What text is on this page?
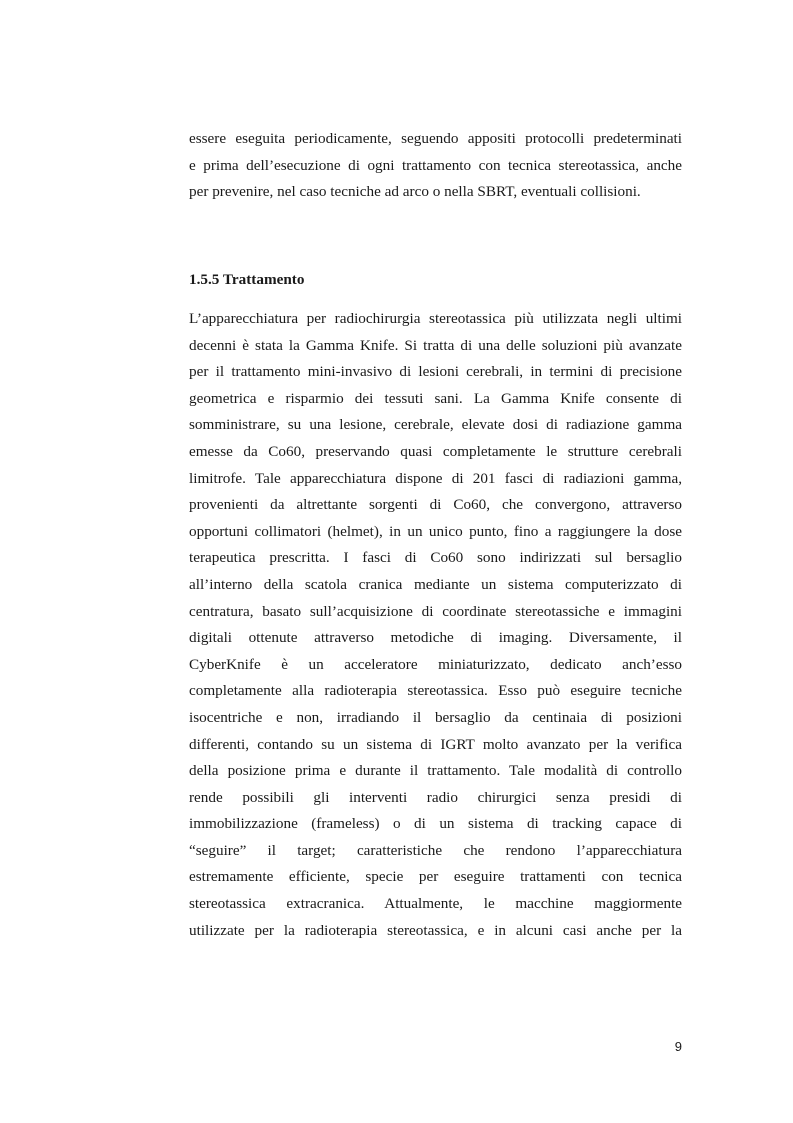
essere eseguita periodicamente, seguendo appositi protocolli predeterminati
e prima dell’esecuzione di ogni trattamento con tecnica stereotassica, anche
per prevenire, nel caso tecniche ad arco o nella SBRT, eventuali collisioni.
1.5.5 Trattamento
L’apparecchiatura per radiochirurgia stereotassica più utilizzata negli ultimi
decenni è stata la Gamma Knife. Si tratta di una delle soluzioni più avanzate
per il trattamento mini-invasivo di lesioni cerebrali, in termini di precisione
geometrica e risparmio dei tessuti sani. La Gamma Knife consente di
somministrare, su una lesione, cerebrale, elevate dosi di radiazione gamma
emesse da Co60, preservando quasi completamente le strutture cerebrali
limitrofe. Tale apparecchiatura dispone di 201 fasci di radiazioni gamma,
provenienti da altrettante sorgenti di Co60, che convergono, attraverso
opportuni collimatori (helmet), in un unico punto, fino a raggiungere la dose
terapeutica prescritta. I fasci di Co60 sono indirizzati sul bersaglio
all’interno della scatola cranica mediante un sistema computerizzato di
centratura, basato sull’acquisizione di coordinate stereotassiche e immagini
digitali ottenute attraverso metodiche di imaging. Diversamente, il
CyberKnife è un acceleratore miniaturizzato, dedicato anch’esso
completamente alla radioterapia stereotassica. Esso può eseguire tecniche
isocentriche e non, irradiando il bersaglio da centinaia di posizioni
differenti, contando su un sistema di IGRT molto avanzato per la verifica
della posizione prima e durante il trattamento. Tale modalità di controllo
rende possibili gli interventi radio chirurgici senza presidi di
immobilizzazione (frameless) o di un sistema di tracking capace di
“seguire” il target; caratteristiche che rendono l’apparecchiatura
estremamente efficiente, specie per eseguire trattamenti con tecnica
stereotassica extracranica. Attualmente, le macchine maggiormente
utilizzate per la radioterapia stereotassica, e in alcuni casi anche per la
9
